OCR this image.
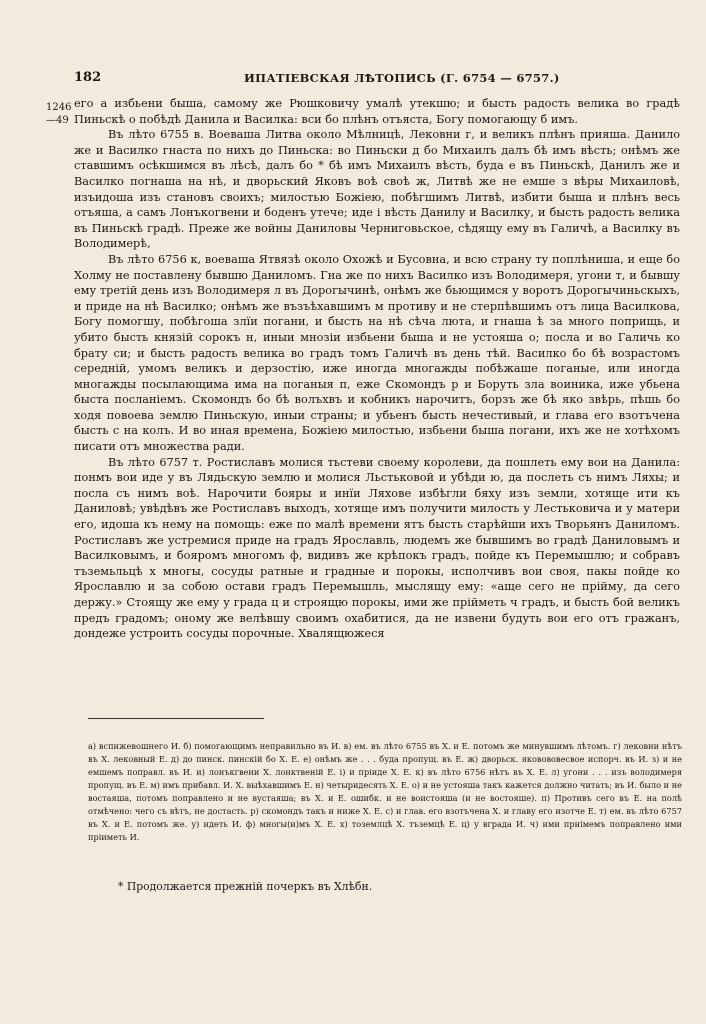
182	ИПАТІЕВСКАЯ ЛѢТОПИСЬ (Г. 6754 — 6757.)
1246
—49

его а избьени быша, самому же Рюшковичу умалѣ утекшю; и бысть радость велика во градѣ Пиньскѣ о побѣдѣ Данила и Василка: вси бо плѣнъ отъяста, Богу помогающу б имъ.

Въ лѣто 6755 в. Воеваша Литва около Мѣлницѣ, Лековни г, и великъ плѣнъ прияша. Данило же и Василко гнаста по нихъ до Пиньска: во Пиньски д бо Михаилъ далъ бѣ имъ вѣсть; онѣмъ же ставшимъ осѣкшимся въ лѣсѣ, далъ бо * бѣ имъ Михаилъ вѣсть, буда е въ Пиньскѣ, Данилъ же и Василко погнаша на нѣ, и дворьский Яковъ воѣ своѣ ж, Литвѣ же не емше з вѣры Михаиловѣ, изъидоша изъ становъ своихъ; милостью Божіею, побѣгшимъ Литвѣ, избити быша и плѣнъ весь отъяша, а самъ Лонъкогвени и боденъ утече; иде і вѣсть Данилу и Василку, и бысть радость велика въ Пиньскѣ градѣ. Преже же войны Даниловы Черниговьское, сѣдящу ему въ Галичѣ, а Василку въ Володимерѣ,

Въ лѣто 6756 к, воеваша Ятвязѣ около Охожѣ и Бусовна, и всю страну ту поплѣниша, и еще бо Холму не поставлену бывшю Даниломъ. Гна же по нихъ Василко изъ Володимеря, угони т, и бывшу ему третій день изъ Володимеря л въ Дорогычинѣ, онѣмъ же бьющимся у воротъ Дорогычиньскыхъ, и приде на нѣ Василко; онѣмъ же възъѣхавшимъ м противу и не стерпѣвшимъ отъ лица Василкова, Богу помогшу, побѣгоша злїи погани, и бысть на нѣ сѣча люта, и гнаша ѣ за много поприщь, и убито бысть князій сорокъ н, иныи мнозіи избьени быша и не устояша о; посла и во Галичь ко брату си; и бысть радость велика во градъ томъ Галичѣ въ день тѣй. Василко бо бѣ возрастомъ середній, умомъ великъ и дерзостію, иже иногда многажды побѣжаше поганые, или иногда многажды посылающима има на поганыя п, еже Скомондъ р и Боруть зла воиника, иже убьена быста посланіемъ. Скомондъ бо бѣ волъхвъ и кобникъ нарочитъ, борзъ же бѣ яко звѣрь, пѣшь бо ходя повоева землю Пиньскую, иныи страны; и убьенъ бысть нечестивый, и глава его взотъчена бысть с на колъ. И во иная времена, Божіею милостью, избьени быша погани, ихъ же не хотѣхомъ писати отъ множества ради.

Въ лѣто 6757 т. Ростиславъ молися тьстеви своему королеви, да пошлеть ему вои на Данила: понмъ вои иде у въ Лядьскую землю и молися Льстьковой и убѣди ю, да послеть съ нимъ Ляхы; и посла съ нимъ воѣ. Нарочити бояры и инїи Ляхове избѣгли бяху изъ земли, хотяще ити къ Даниловѣ; увѣдѣвъ же Ростиславъ выходъ, хотяще имъ получити милость у Лестьковича и у матери его, идоша къ нему на помощь: еже по малѣ времени ятъ бысть старѣйши ихъ Творьянъ Даниломъ. Ростиславъ же устремися приде на градъ Ярославль, людемъ же бывшимъ во градѣ Даниловымъ и Василковымъ, и бояромъ многомъ ф, видивъ же крѣпокъ градъ, пойде къ Перемышлю; и собравъ тъземьльцѣ х многы, сосуды ратные и градные и порокы, исполчивъ вои своя, пакы пойде ко Ярославлю и за собою остави градъ Перемышль, мыслящу ему: «аще сего не прійму, да сего держу.» Стоящу же ему у града ц и строящю порокы, ими же прійметь ч градъ, и бысть бой великъ предъ градомъ; оному же велѣвшу своимъ охабитися, да не извени будуть вои его отъ гражанъ, дондеже устроить сосуды порочные. Хвалящюжеся

а) вспижевошнего И. б) помогающимъ неправильно въ И. в) ем. въ лѣто 6755 въ Х. и Е. потомъ же минувшимъ лѣтомъ. г) лековни нѣтъ въ Х. лековный Е. д) до пинск. пинскій бо Х. Е. е) онѣмъ же . . . буда пропущ. въ Е. ж) дворьск. яковововесвое испорч. въ И. з) и не емшемъ поправл. въ И. и) лонъкгвени Х. лонктвеній Е. і) и пріиде Х. Е. к) въ лѣто 6756 нѣтъ въ Х. Е. л) угони . . . изъ володимеря пропущ. въ Е. м) имъ прибавл. И. Х. выѣхавшимъ Е. н) четыридесять Х. Е. о) и не устояша такъ кажется должно читать; въ И. было и не востаяша, потомъ поправлено и не вустаяша; въ Х. и Е. ошибк. и не воистояша (и не востояше). п) Противъ сего въ Е. на полѣ отмѣчено: чего съ вѣтъ, не достасть. р) скомондъ такъ и ниже Х. Е. с) и глав. его взотъчена Х. и главу его изотче Е. т) ем. въ лѣто 6757 въ Х. и Е. потомъ же. у) идеть И. ф) многы(и)мъ Х. Е. х) тоземлцѣ Х. тъземцѣ Е. ц) у вграда И. ч) ими приімемъ поправлено ими пріиметь И.
* Продолжается прежній почеркъ въ Хлѣбн.
